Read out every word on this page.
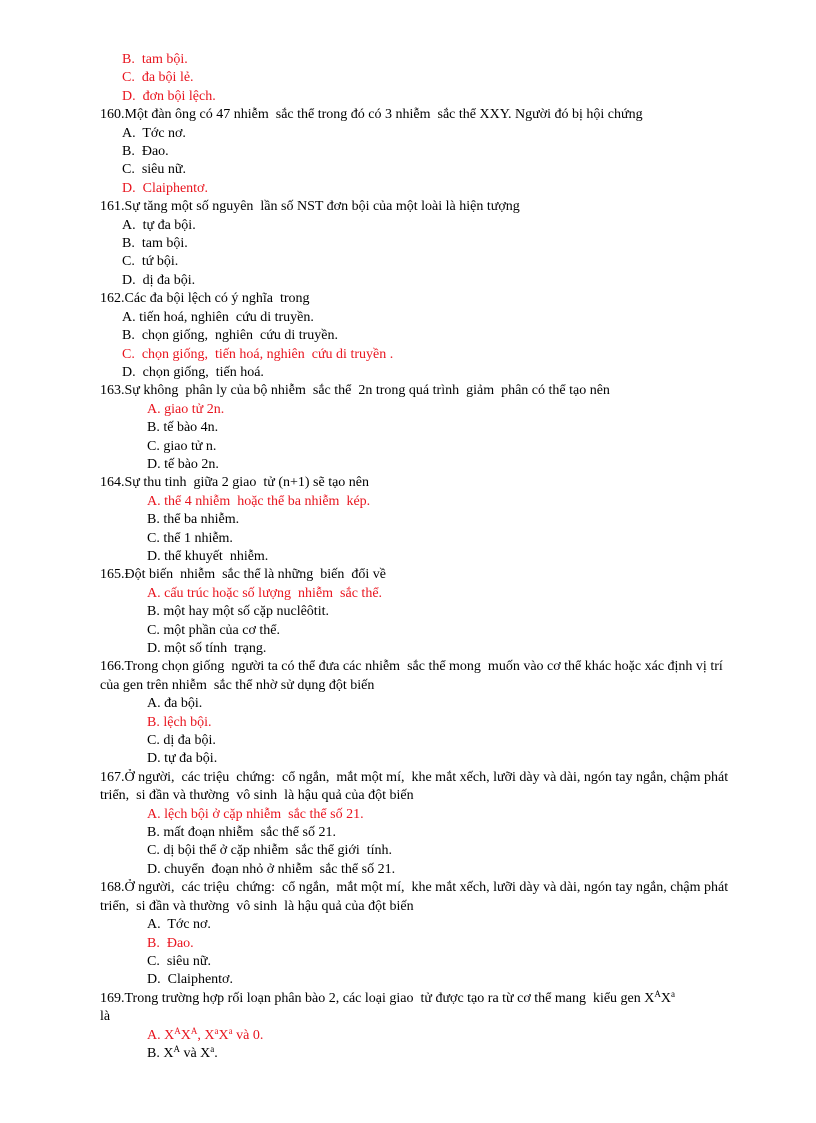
B.  tam bội.

C.  đa bội lẻ.

D.  đơn bội lệch.

160.Một đàn ông có 47 nhiễm  sắc thể trong đó có 3 nhiễm  sắc thể XXY. Người đó bị hội chứng

A.  Tớc nơ.

B.  Đao.

C.  siêu nữ.

D.  Claiphentơ.

161.Sự tăng một số nguyên  lần số NST đơn bội của một loài là hiện tượng

A.  tự đa bội.

B.  tam bội.

C.  tứ bội.

D.  dị đa bội.

162.Các đa bội lệch có ý nghĩa  trong

A. tiến hoá, nghiên  cứu di truyền.

B.  chọn giống,  nghiên  cứu di truyền.

C.  chọn giống,  tiến hoá, nghiên  cứu di truyền .

D.  chọn giống,  tiến hoá.

163.Sự không  phân ly của bộ nhiễm  sắc thể  2n trong quá trình  giảm  phân có thể tạo nên

A. giao tử 2n.

B. tế bào 4n.

C. giao tử n.

D. tế bào 2n.

164.Sự thu tinh  giữa 2 giao  tử (n+1) sẽ tạo nên

A. thể 4 nhiễm  hoặc thể ba nhiễm  kép.

B. thể ba nhiễm.

C. thể 1 nhiễm.

D. thể khuyết  nhiễm.

165.Đột biến  nhiễm  sắc thể là những  biến  đổi về

A. cấu trúc hoặc số lượng  nhiễm  sắc thể.

B. một hay một số cặp nuclêôtit.

C. một phần của cơ thể.

D. một số tính  trạng.

166.Trong chọn giống  người ta có thể đưa các nhiễm  sắc thể mong  muốn vào cơ thể khác hoặc xác định vị trí của gen trên nhiễm  sắc thể nhờ sử dụng đột biến

A. đa bội.

B. lệch bội.

C. dị đa bội.

D. tự đa bội.

167.Ở người,  các triệu  chứng:  cổ ngắn,  mắt một mí,  khe mắt xếch, lưỡi dày và dài, ngón tay ngắn, chậm phát triển,  si đần và thường  vô sinh  là hậu quả của đột biến

A. lệch bội ở cặp nhiễm  sắc thể số 21.

B. mất đoạn nhiễm  sắc thể số 21.

C. dị bội thể ở cặp nhiễm  sắc thể giới  tính.

D. chuyển  đoạn nhỏ ở nhiễm  sắc thể số 21.

168.Ở người,  các triệu  chứng:  cổ ngắn,  mắt một mí,  khe mắt xếch, lưỡi dày và dài, ngón tay ngắn, chậm phát triển,  si đần và thường  vô sinh  là hậu quả của đột biến

A.  Tớc nơ.

B.  Đao.

C.  siêu nữ.

D.  Claiphentơ.

169.Trong trường hợp rối loạn phân bào 2, các loại giao  tử được tạo ra từ cơ thể mang  kiểu gen $X^AX^a$
là

A. $X^AX^A$, $X^aX^a$ và 0.

B. $X^A$ và $X^a$.
